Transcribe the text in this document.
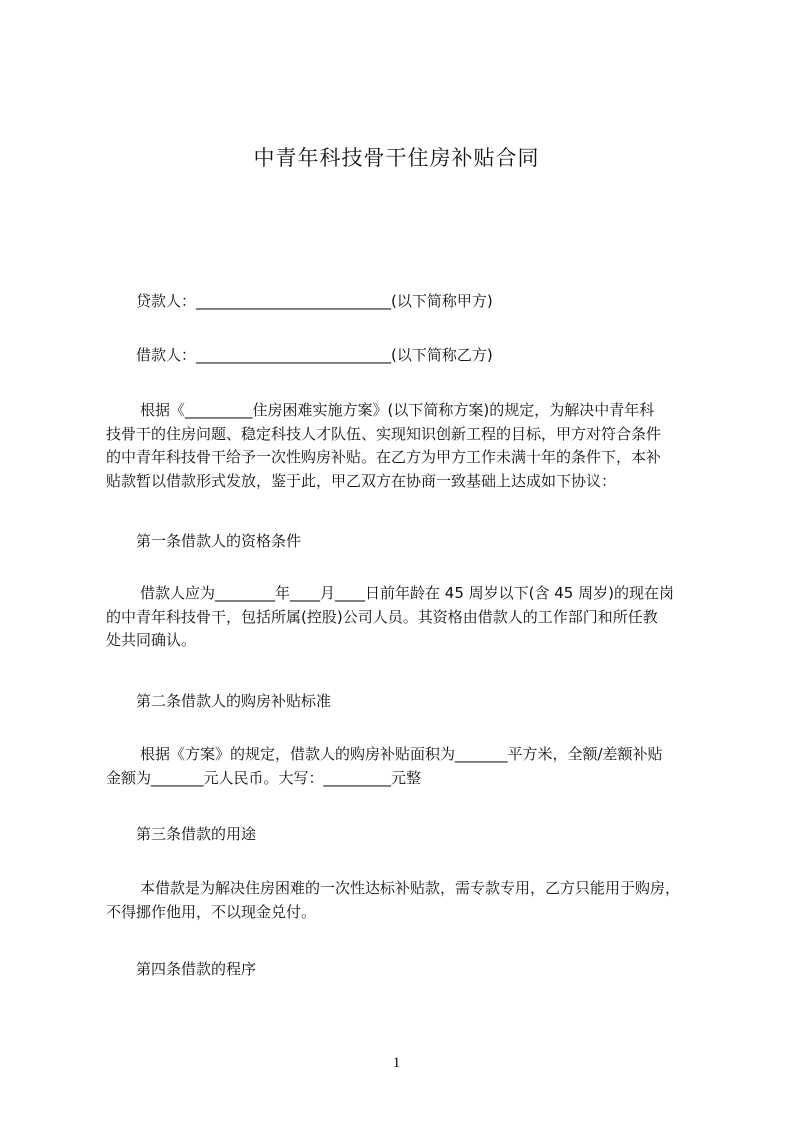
中青年科技骨干住房补贴合同
贷款人：__________________________(以下简称甲方)
借款人：__________________________(以下简称乙方)
根据《_________住房困难实施方案》(以下简称方案)的规定，为解决中青年科
技骨干的住房问题、稳定科技人才队伍、实现知识创新工程的目标，甲方对符合条件
的中青年科技骨干给予一次性购房补贴。在乙方为甲方工作未满十年的条件下，本补
贴款暂以借款形式发放，鉴于此，甲乙双方在协商一致基础上达成如下协议：
第一条借款人的资格条件
借款人应为________年____月____日前年龄在 45 周岁以下(含 45 周岁)的现在岗
的中青年科技骨干，包括所属(控股)公司人员。其资格由借款人的工作部门和所任教
处共同确认。
第二条借款人的购房补贴标准
根据《方案》的规定，借款人的购房补贴面积为_______平方米，全额/差额补贴
金额为_______元人民币。大写：_________元整
第三条借款的用途
本借款是为解决住房困难的一次性达标补贴款，需专款专用，乙方只能用于购房，
不得挪作他用，不以现金兑付。
第四条借款的程序
1
